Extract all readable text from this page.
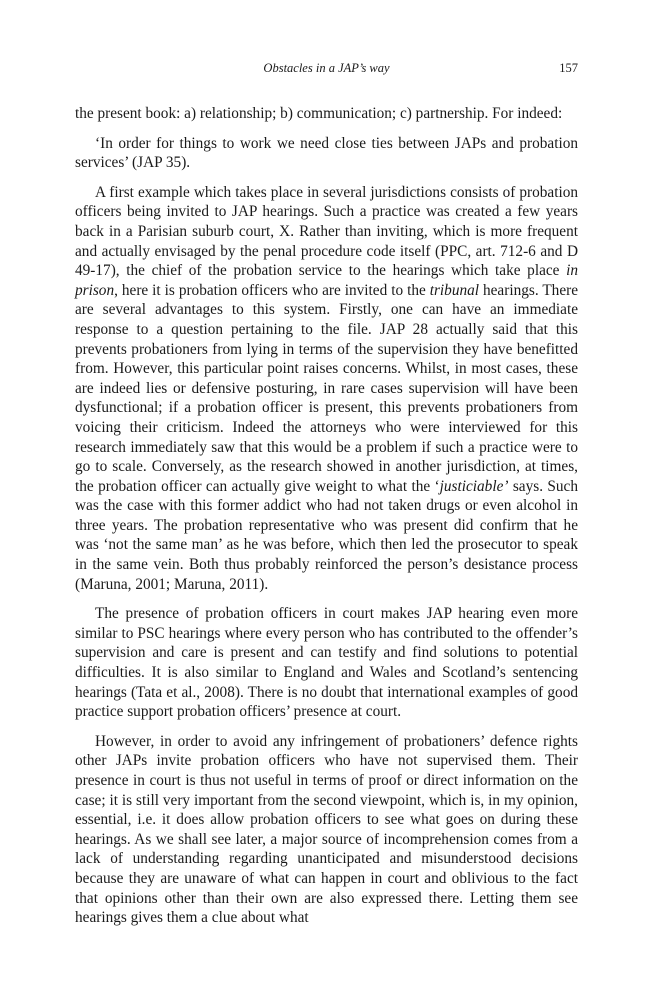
Obstacles in a JAP’s way	157

the present book: a) relationship; b) communication; c) partnership. For indeed:

‘In order for things to work we need close ties between JAPs and probation services’ (JAP 35).

A first example which takes place in several jurisdictions consists of probation officers being invited to JAP hearings. Such a practice was created a few years back in a Parisian suburb court, X. Rather than inviting, which is more frequent and actually envisaged by the penal procedure code itself (PPC, art. 712-6 and D 49-17), the chief of the probation service to the hearings which take place in prison, here it is probation officers who are invited to the tribunal hearings. There are several advantages to this system. Firstly, one can have an immediate response to a question pertaining to the file. JAP 28 actually said that this prevents probationers from lying in terms of the supervision they have benefitted from. However, this particular point raises concerns. Whilst, in most cases, these are indeed lies or defensive posturing, in rare cases supervision will have been dysfunctional; if a probation officer is present, this prevents probationers from voicing their criticism. Indeed the attorneys who were interviewed for this research immediately saw that this would be a problem if such a practice were to go to scale. Conversely, as the research showed in another jurisdiction, at times, the probation officer can actually give weight to what the ‘justiciable’ says. Such was the case with this former addict who had not taken drugs or even alcohol in three years. The probation representative who was present did confirm that he was ‘not the same man’ as he was before, which then led the prosecutor to speak in the same vein. Both thus probably reinforced the person’s desistance process (Maruna, 2001; Maruna, 2011).

The presence of probation officers in court makes JAP hearing even more similar to PSC hearings where every person who has contributed to the offender’s supervision and care is present and can testify and find solutions to potential difficulties. It is also similar to England and Wales and Scotland’s sentencing hearings (Tata et al., 2008). There is no doubt that international examples of good practice support probation officers’ presence at court.

However, in order to avoid any infringement of probationers’ defence rights other JAPs invite probation officers who have not supervised them. Their presence in court is thus not useful in terms of proof or direct information on the case; it is still very important from the second viewpoint, which is, in my opinion, essential, i.e. it does allow probation officers to see what goes on during these hearings. As we shall see later, a major source of incomprehension comes from a lack of understanding regarding unanticipated and misunderstood decisions because they are unaware of what can happen in court and oblivious to the fact that opinions other than their own are also expressed there. Letting them see hearings gives them a clue about what
